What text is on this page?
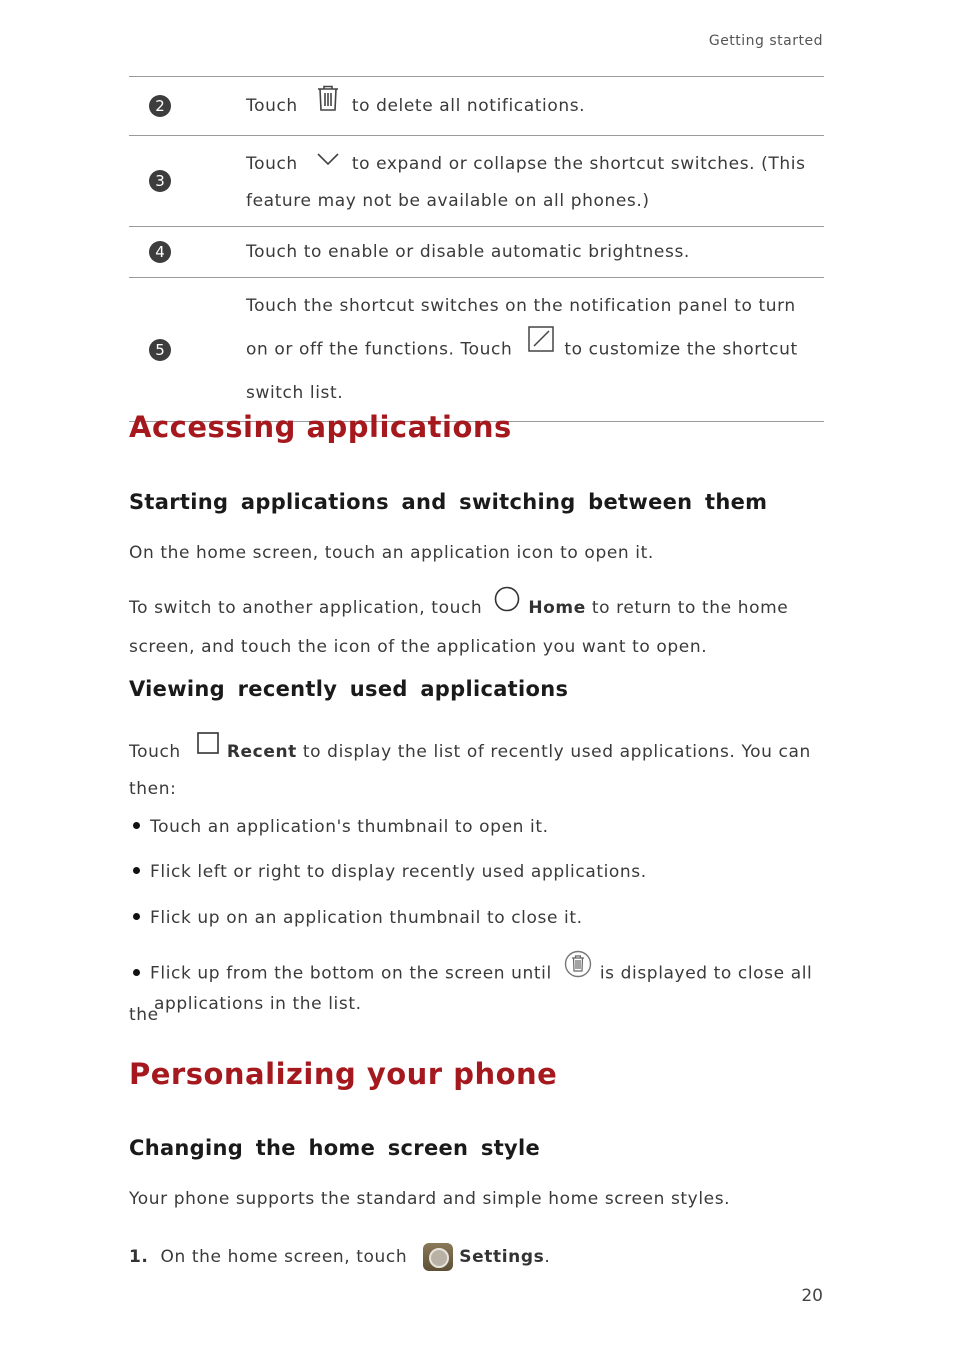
Getting started
2	Touch to delete all notifications.
3	Touch to expand or collapse the shortcut switches. (This feature may not be available on all phones.)
4	Touch to enable or disable automatic brightness.
5	Touch the shortcut switches on the notification panel to turn on or off the functions. Touch to customize the shortcut switch list.
Accessing applications
Starting applications and switching between them

On the home screen, touch an application icon to open it.

To switch to another application, touch	Home to return to the home screen, and touch the icon of the application you want to open.

Viewing recently used applications

Touch	Recent to display the list of recently used applications. You can then:

Touch an application's thumbnail to open it.
Flick left or right to display recently used applications.
Flick up on an application thumbnail to close it.
Flick up from the bottom on the screen until	is displayed to close all the
applications in the list.
Personalizing your phone
Changing the home screen style

Your phone supports the standard and simple home screen styles.

1. On the home screen, touch	Settings.

20
